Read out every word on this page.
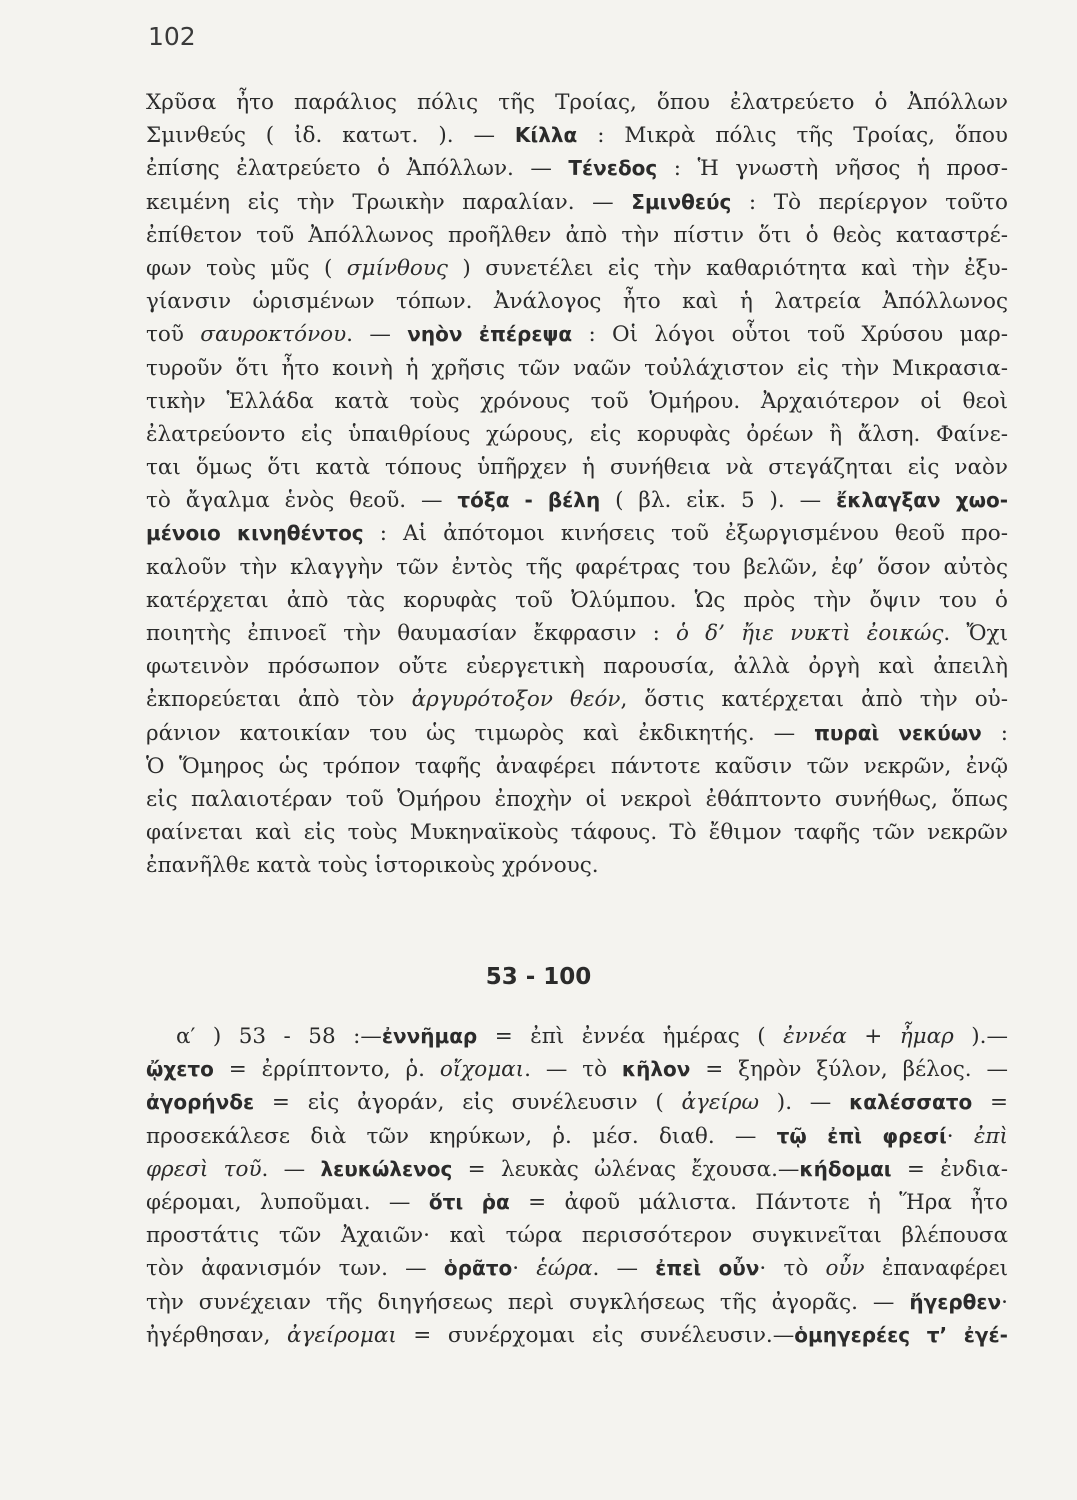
102
Χρῦσα ἦτο παράλιος πόλις τῆς Τροίας, ὅπου ἐλατρεύετο ὁ Ἀπόλλων
Σμινθεύς ( ἰδ. κατωτ. ). — Κίλλα : Μικρὰ πόλις τῆς Τροίας, ὅπου
ἐπίσης ἐλατρεύετο ὁ Ἀπόλλων. — Τένεδος : Ἡ γνωστὴ νῆσος ἡ προσ-
κειμένη εἰς τὴν Τρωικὴν παραλίαν. — Σμινθεύς : Τὸ περίεργον τοῦτο
ἐπίθετον τοῦ Ἀπόλλωνος προῆλθεν ἀπὸ τὴν πίστιν ὅτι ὁ θεὸς καταστρέ-
φων τοὺς μῦς ( σμίνθους ) συνετέλει εἰς τὴν καθαριότητα καὶ τὴν ἐξυ-
γίανσιν ὡρισμένων τόπων. Ἀνάλογος ἦτο καὶ ἡ λατρεία Ἀπόλλωνος
τοῦ σαυροκτόνου. — νηὸν ἐπέρεψα : Οἱ λόγοι οὗτοι τοῦ Χρύσου μαρ-
τυροῦν ὅτι ἦτο κοινὴ ἡ χρῆσις τῶν ναῶν τοὐλάχιστον εἰς τὴν Μικρασια-
τικὴν Ἑλλάδα κατὰ τοὺς χρόνους τοῦ Ὁμήρου. Ἀρχαιότερον οἱ θεοὶ
ἐλατρεύοντο εἰς ὑπαιθρίους χώρους, εἰς κορυφὰς ὀρέων ἢ ἄλση. Φαίνε-
ται ὅμως ὅτι κατὰ τόπους ὑπῆρχεν ἡ συνήθεια νὰ στεγάζηται εἰς ναὸν
τὸ ἄγαλμα ἑνὸς θεοῦ. — τόξα - βέλη ( βλ. εἰκ. 5 ). — ἔκλαγξαν χωο-
μένοιο κινηθέντος : Αἱ ἀπότομοι κινήσεις τοῦ ἐξωργισμένου θεοῦ προ-
καλοῦν τὴν κλαγγὴν τῶν ἐντὸς τῆς φαρέτρας του βελῶν, ἐφ’ ὅσον αὐτὸς
κατέρχεται ἀπὸ τὰς κορυφὰς τοῦ Ὀλύμπου. Ὡς πρὸς τὴν ὄψιν του ὁ
ποιητὴς ἐπινοεῖ τὴν θαυμασίαν ἔκφρασιν : ὁ δ’ ἤιε νυκτὶ ἐοικώς. Ὄχι
φωτεινὸν πρόσωπον οὔτε εὐεργετικὴ παρουσία, ἀλλὰ ὀργὴ καὶ ἀπειλὴ
ἐκπορεύεται ἀπὸ τὸν ἀργυρότοξον θεόν, ὅστις κατέρχεται ἀπὸ τὴν οὐ-
ράνιον κατοικίαν του ὡς τιμωρὸς καὶ ἐκδικητής. — πυραὶ νεκύων :
Ὁ Ὅμηρος ὡς τρόπον ταφῆς ἀναφέρει πάντοτε καῦσιν τῶν νεκρῶν, ἐνῷ
εἰς παλαιοτέραν τοῦ Ὁμήρου ἐποχὴν οἱ νεκροὶ ἐθάπτοντο συνήθως, ὅπως
φαίνεται καὶ εἰς τοὺς Μυκηναϊκοὺς τάφους. Τὸ ἔθιμον ταφῆς τῶν νεκρῶν
ἐπανῆλθε κατὰ τοὺς ἱστορικοὺς χρόνους.
53 - 100
α′ ) 53 - 58 :—ἐννῆμαρ = ἐπὶ ἐννέα ἡμέρας ( ἐννέα + ἦμαρ ).—
ᾤχετο = ἐρρίπτοντο, ῥ. οἴχομαι. — τὸ κῆλον = ξηρὸν ξύλον, βέλος. —
ἀγορήνδε = εἰς ἀγοράν, εἰς συνέλευσιν ( ἀγείρω ). — καλέσσατο =
προσεκάλεσε διὰ τῶν κηρύκων, ῥ. μέσ. διαθ. — τῷ ἐπὶ φρεσί· ἐπὶ
φρεσὶ τοῦ. — λευκώλενος = λευκὰς ὠλένας ἔχουσα.—κήδομαι = ἐνδια-
φέρομαι, λυποῦμαι. — ὅτι ῥα = ἀφοῦ μάλιστα. Πάντοτε ἡ Ἥρα ἦτο
προστάτις τῶν Ἀχαιῶν· καὶ τώρα περισσότερον συγκινεῖται βλέπουσα
τὸν ἀφανισμόν των. — ὁρᾶτο· ἑώρα. — ἐπεὶ οὖν· τὸ οὖν ἐπαναφέρει
τὴν συνέχειαν τῆς διηγήσεως περὶ συγκλήσεως τῆς ἀγορᾶς. — ἤγερθεν·
ἠγέρθησαν, ἀγείρομαι = συνέρχομαι εἰς συνέλευσιν.—ὁμηγερέες τ’ ἐγέ-
